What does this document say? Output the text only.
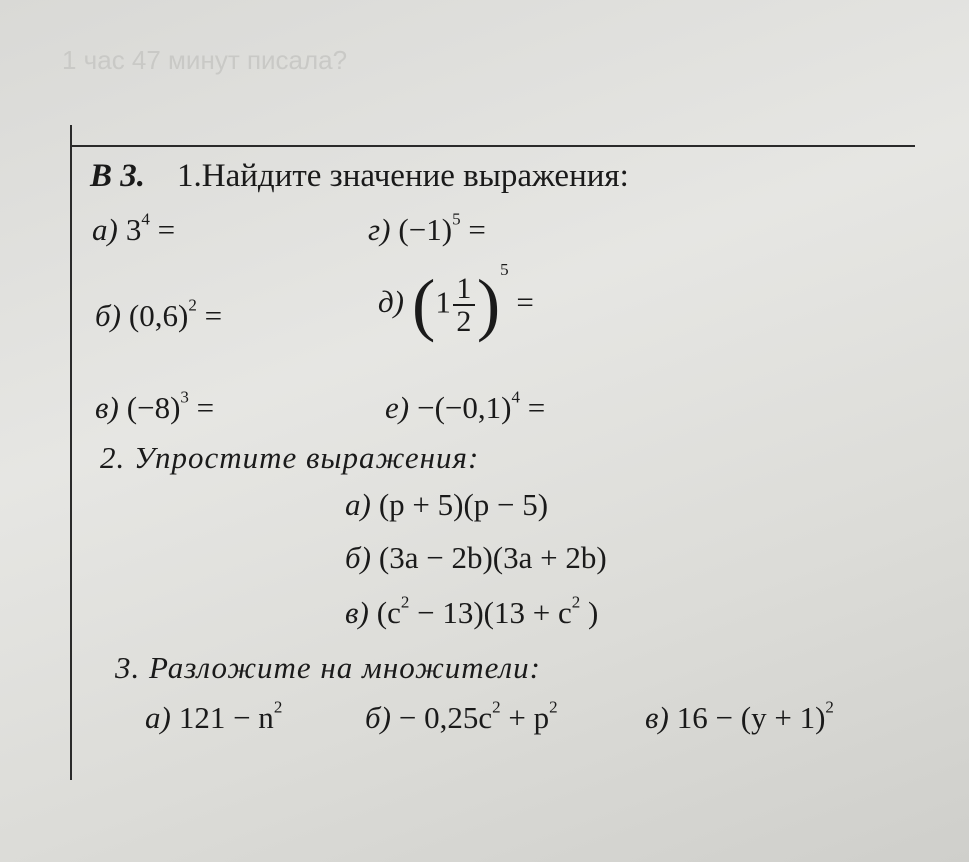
1 час 47 минут писала?
В 3. 1.Найдите значение выражения:
а) $3^4$ =	г) $(-1)^5$ =
б) $(0,6)^2$ =	д) $(1 \frac{1}{2} )^5$ =
в) $(-8)^3$ =	$е) -(-0,1)^4$ =
2. Упростите выражения:
а) (p + 5)(p − 5)
б) (3a − 2b)(3a + 2b)
в) $(c^2 - 13)(13 + c^2$ )
3. Разложите на множители:
а) $121 - n^2$	$б) - 0,25c^2 + p^2$	в) $16 - (y + 1)^2$
